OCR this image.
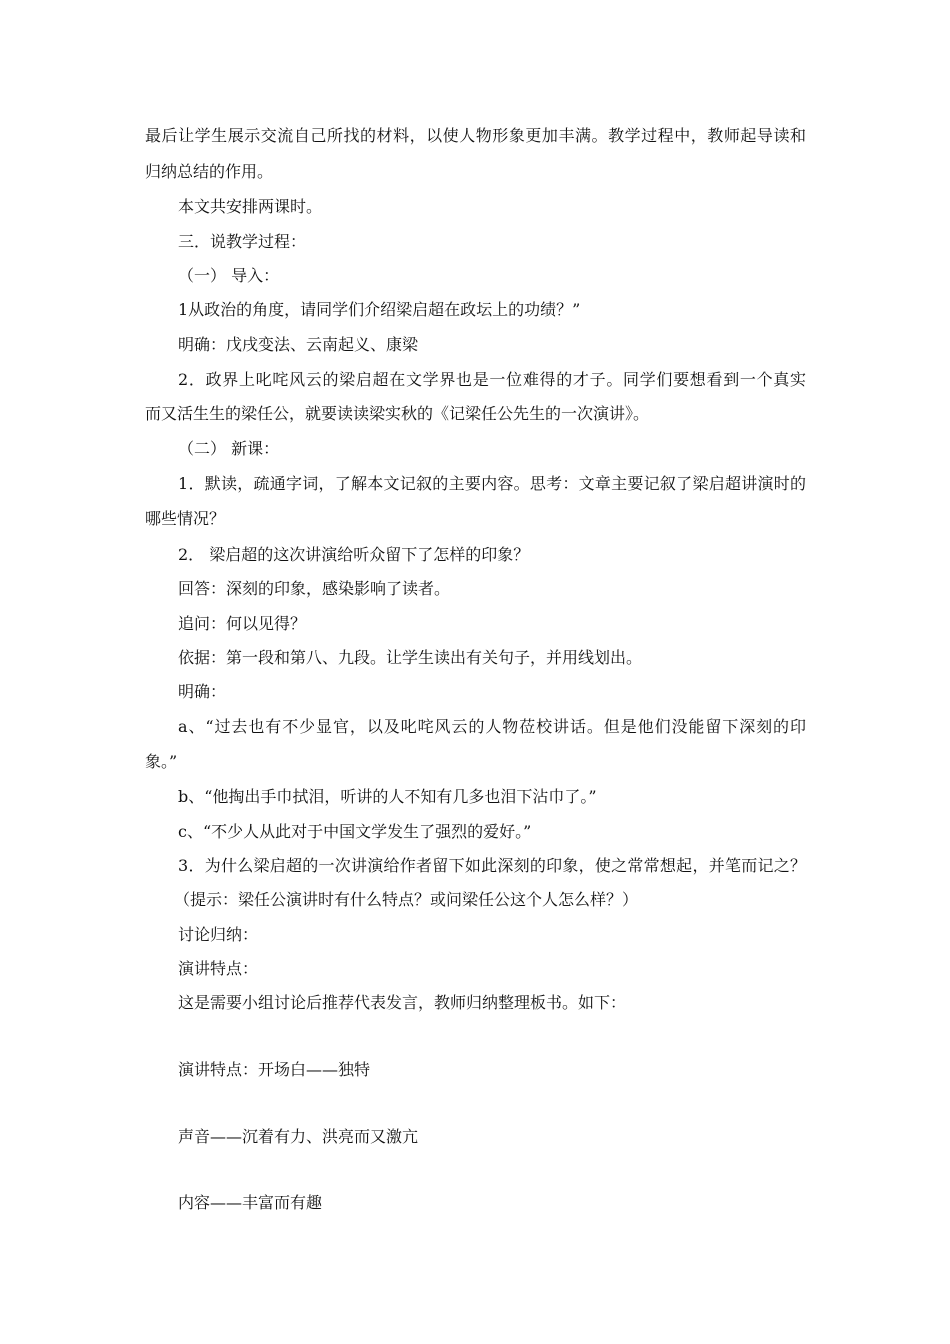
最后让学生展示交流自己所找的材料，以使人物形象更加丰满。教学过程中，教师起导读和
归纳总结的作用。
本文共安排两课时。
三．说教学过程：
（一） 导入：
1从政治的角度，请同学们介绍梁启超在政坛上的功绩？”
明确：戊戌变法、云南起义、康梁
2．政界上叱咤风云的梁启超在文学界也是一位难得的才子。同学们要想看到一个真实
而又活生生的梁任公，就要读读梁实秋的《记梁任公先生的一次演讲》。
（二） 新课：
1．默读，疏通字词，了解本文记叙的主要内容。思考：文章主要记叙了梁启超讲演时的
哪些情况？
2． 梁启超的这次讲演给听众留下了怎样的印象？
回答：深刻的印象，感染影响了读者。
追问：何以见得？
依据：第一段和第八、九段。让学生读出有关句子，并用线划出。
明确：
a、“过去也有不少显官，以及叱咤风云的人物莅校讲话。但是他们没能留下深刻的印
象。”
b、“他掏出手巾拭泪，听讲的人不知有几多也泪下沾巾了。”
c、“不少人从此对于中国文学发生了强烈的爱好。”
3．为什么梁启超的一次讲演给作者留下如此深刻的印象，使之常常想起，并笔而记之？
（提示：梁任公演讲时有什么特点？或问梁任公这个人怎么样？）
讨论归纳：
演讲特点：
这是需要小组讨论后推荐代表发言，教师归纳整理板书。如下：
演讲特点：开场白——独特
声音——沉着有力、洪亮而又激亢
内容——丰富而有趣
